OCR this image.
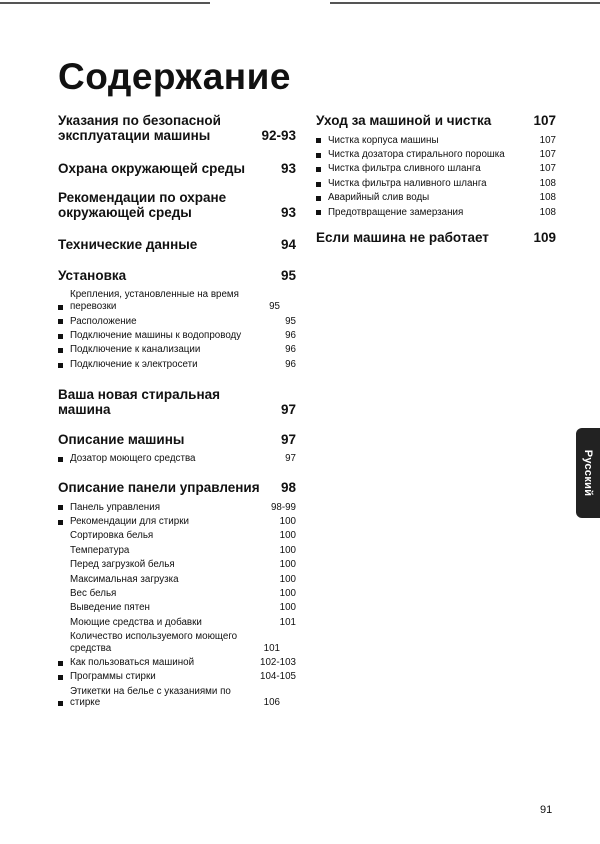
Содержание
Указания по безопасной эксплуатации машины	92-93
Охрана окружающей среды	93
Рекомендации по охране окружающей среды	93
Технические данные	94
Установка	95
Крепления, установленные на время перевозки	95
Расположение	95
Подключение машины к водопроводу	96
Подключение к канализации	96
Подключение к электросети	96
Ваша новая стиральная машина	97
Описание машины	97
Дозатор моющего средства	97
Описание панели управления	98
Панель управления	98-99
Рекомендации для стирки	100
Сортировка белья	100
Температура	100
Перед загрузкой белья	100
Максимальная загрузка	100
Вес белья	100
Выведение пятен	100
Моющие средства и добавки	101
Количество используемого моющего средства	101
Как пользоваться машиной	102-103
Программы стирки	104-105
Этикетки на белье с указаниями по стирке	106
Уход за машиной и чистка	107
Чистка корпуса машины	107
Чистка дозатора стирального порошка	107
Чистка фильтра сливного шланга	107
Чистка фильтра наливного шланга	108
Аварийный слив воды	108
Предотвращение замерзания	108
Если машина не работает	109
Русский
91
